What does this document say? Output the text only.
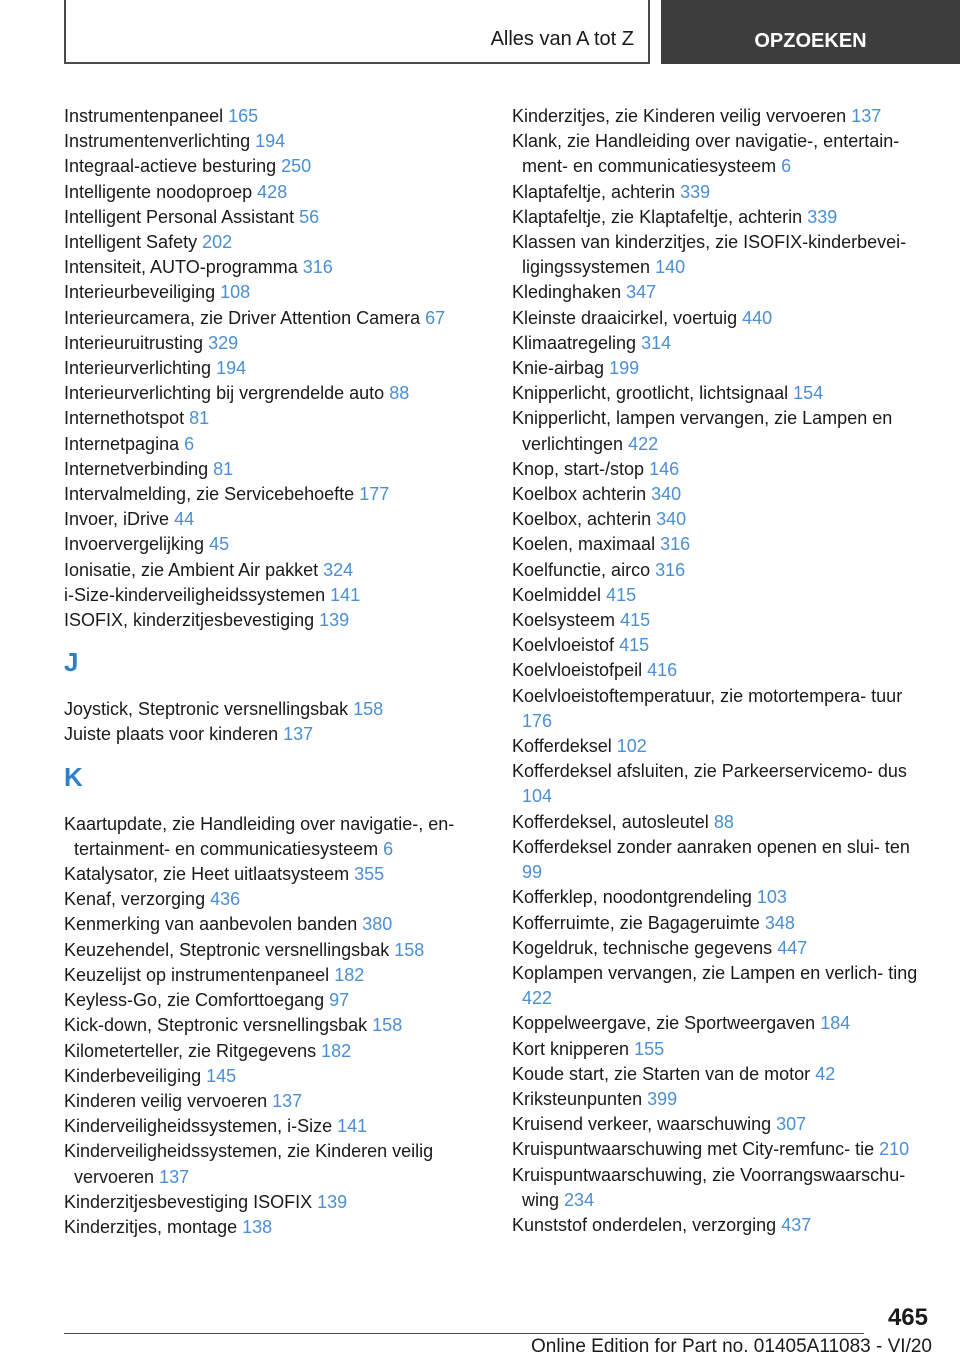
Alles van A tot Z	OPZOEKEN
Instrumentenpaneel 165
Instrumentenverlichting 194
Integraal-actieve besturing 250
Intelligente noodoproep 428
Intelligent Personal Assistant 56
Intelligent Safety 202
Intensiteit, AUTO-programma 316
Interieurbeveiliging 108
Interieurcamera, zie Driver Attention Camera 67
Interieuruitrusting 329
Interieurverlichting 194
Interieurverlichting bij vergrendelde auto 88
Internethotspot 81
Internetpagina 6
Internetverbinding 81
Intervalmelding, zie Servicebehoefte 177
Invoer, iDrive 44
Invoervergelijking 45
Ionisatie, zie Ambient Air pakket 324
i-Size-kinderveiligheidssystemen 141
ISOFIX, kinderzitjesbevestiging 139
J
Joystick, Steptronic versnellingsbak 158
Juiste plaats voor kinderen 137
K
Kaartupdate, zie Handleiding over navigatie-, en- tertainment- en communicatiesysteem 6
Katalysator, zie Heet uitlaatsysteem 355
Kenaf, verzorging 436
Kenmerking van aanbevolen banden 380
Keuzehendel, Steptronic versnellingsbak 158
Keuzelijst op instrumentenpaneel 182
Keyless-Go, zie Comforttoegang 97
Kick-down, Steptronic versnellingsbak 158
Kilometerteller, zie Ritgegevens 182
Kinderbeveiliging 145
Kinderen veilig vervoeren 137
Kinderveiligheidssystemen, i-Size 141
Kinderveiligheidssystemen, zie Kinderen veilig vervoeren 137
Kinderzitjesbevestiging ISOFIX 139
Kinderzitjes, montage 138
Kinderzitjes, zie Kinderen veilig vervoeren 137
Klank, zie Handleiding over navigatie-, entertain- ment- en communicatiesysteem 6
Klaptafeltje, achterin 339
Klaptafeltje, zie Klaptafeltje, achterin 339
Klassen van kinderzitjes, zie ISOFIX-kinderbevei- ligingssystemen 140
Kledinghaken 347
Kleinste draaicirkel, voertuig 440
Klimaatregeling 314
Knie-airbag 199
Knipperlicht, grootlicht, lichtsignaal 154
Knipperlicht, lampen vervangen, zie Lampen en verlichtingen 422
Knop, start-/stop 146
Koelbox achterin 340
Koelbox, achterin 340
Koelen, maximaal 316
Koelfunctie, airco 316
Koelmiddel 415
Koelsysteem 415
Koelvloeistof 415
Koelvloeistofpeil 416
Koelvloeistoftemperatuur, zie motortempera- tuur 176
Kofferdeksel 102
Kofferdeksel afsluiten, zie Parkeerservicemo- dus 104
Kofferdeksel, autosleutel 88
Kofferdeksel zonder aanraken openen en slui- ten 99
Kofferklep, noodontgrendeling 103
Kofferruimte, zie Bagageruimte 348
Kogeldruk, technische gegevens 447
Koplampen vervangen, zie Lampen en verlich- ting 422
Koppelweergave, zie Sportweergaven 184
Kort knipperen 155
Koude start, zie Starten van de motor 42
Kriksteunpunten 399
Kruisend verkeer, waarschuwing 307
Kruispuntwaarschuwing met City-remfunc- tie 210
Kruispuntwaarschuwing, zie Voorrangswaarschu- wing 234
Kunststof onderdelen, verzorging 437
465
Online Edition for Part no. 01405A11083 - VI/20
